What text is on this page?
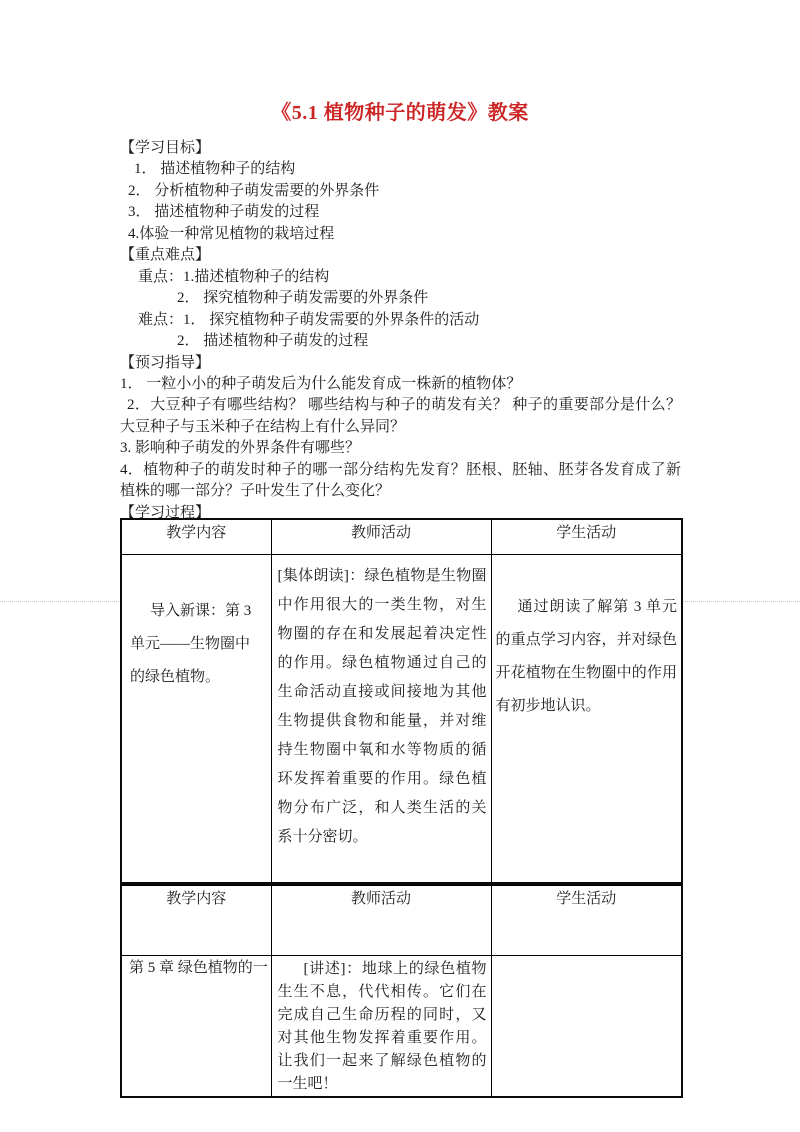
《5.1 植物种子的萌发》教案
【学习目标】
1． 描述植物种子的结构
2． 分析植物种子萌发需要的外界条件
3． 描述植物种子萌发的过程
4.体验一种常见植物的栽培过程
【重点难点】
重点：1.描述植物种子的结构
2． 探究植物种子萌发需要的外界条件
难点：1． 探究植物种子萌发需要的外界条件的活动
2． 描述植物种子萌发的过程
【预习指导】
1． 一粒小小的种子萌发后为什么能发育成一株新的植物体？
2．大豆种子有哪些结构？ 哪些结构与种子的萌发有关？ 种子的重要部分是什么？ 大豆种子与玉米种子在结构上有什么异同？
3. 影响种子萌发的外界条件有哪些？
4．植物种子的萌发时种子的哪一部分结构先发育？胚根、胚轴、胚芽各发育成了新植株的哪一部分？子叶发生了什么变化？
【学习过程】
教学内容	教师活动	学生活动
导入新课：第 3 单元——生物圈中的绿色植物。	[集体朗读]：绿色植物是生物圈中作用很大的一类生物，对生物圈的存在和发展起着决定性的作用。绿色植物通过自己的生命活动直接或间接地为其他生物提供食物和能量，并对维持生物圈中氧和水等物质的循环发挥着重要的作用。绿色植物分布广泛，和人类生活的关系十分密切。	通过朗读了解第 3 单元的重点学习内容，并对绿色开花植物在生物圈中的作用有初步地认识。
教学内容	教师活动	学生活动
第 5 章 绿色植物的一	[讲述]：地球上的绿色植物生生不息，代代相传。它们在完成自己生命历程的同时，又对其他生物发挥着重要作用。让我们一起来了解绿色植物的一生吧！	
